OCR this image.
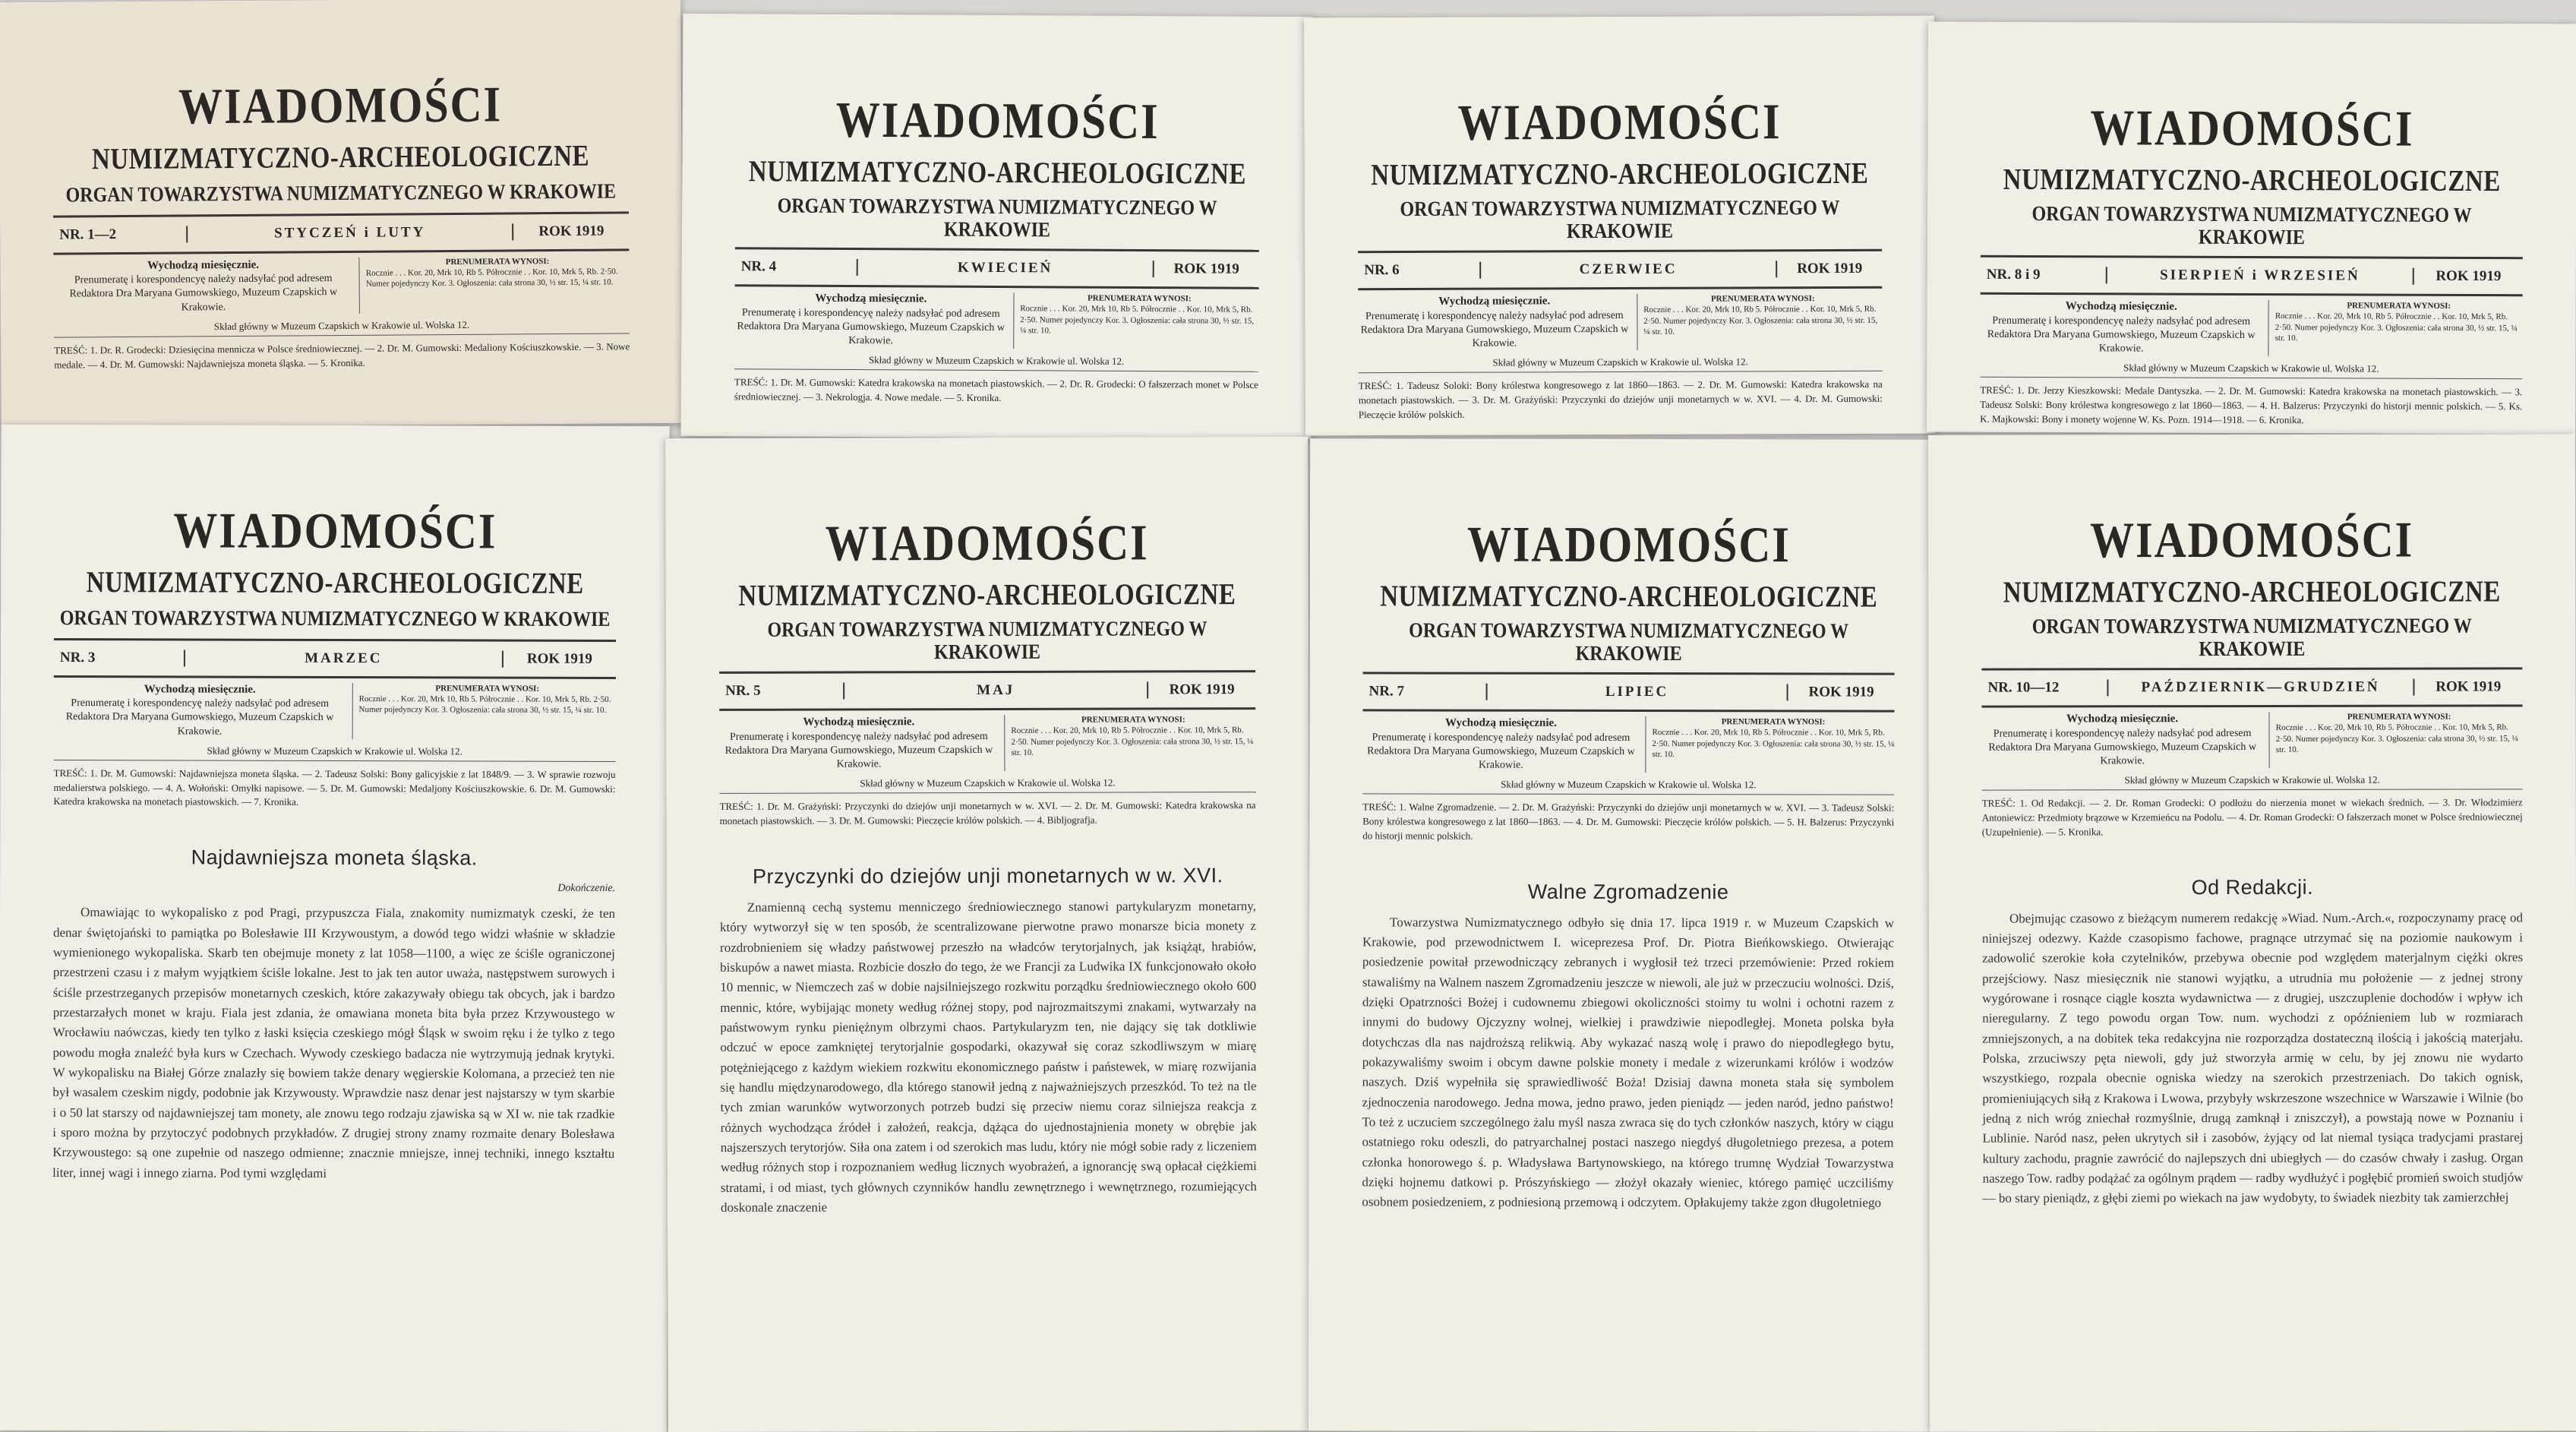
WIADOMOŚCI
NUMIZMATYCZNO-ARCHEOLOGICZNE
ORGAN TOWARZYSTWA NUMIZMATYCZNEGO W KRAKOWIE
NR. 1—2	STYCZEŃ i LUTY	ROK 1919
Wychodzą miesięcznie.
Prenumeratę i korespondencyę należy nadsyłać pod adresem Redaktora Dra Maryana Gumowskiego, Muzeum Czapskich w Krakowie.
PRENUMERATA WYNOSI:
Rocznie . . . Kor. 20, Mrk 10, Rb 5. Półrocznie . . Kor. 10, Mrk 5, Rb. 2·50. Numer pojedynczy Kor. 3. Ogłoszenia: cała strona 30, ½ str. 15, ¼ str. 10.
Skład główny w Muzeum Czapskich w Krakowie ul. Wolska 12.
TREŚĆ: 1. Dr. R. Grodecki: Dziesięcina mennicza w Polsce średniowiecznej. — 2. Dr. M. Gumowski: Medaliony Kościuszkowskie. — 3. Nowe medale. — 4. Dr. M. Gumowski: Najdawniejsza moneta śląska. — 5. Kronika.
WIADOMOŚCI
NUMIZMATYCZNO-ARCHEOLOGICZNE
ORGAN TOWARZYSTWA NUMIZMATYCZNEGO W KRAKOWIE
NR. 4	KWIECIEŃ	ROK 1919
Wychodzą miesięcznie.
Prenumeratę i korespondencyę należy nadsyłać pod adresem Redaktora Dra Maryana Gumowskiego, Muzeum Czapskich w Krakowie.
PRENUMERATA WYNOSI:
Rocznie . . . Kor. 20, Mrk 10, Rb 5. Półrocznie . . Kor. 10, Mrk 5, Rb. 2·50. Numer pojedynczy Kor. 3. Ogłoszenia: cała strona 30, ½ str. 15, ¼ str. 10.
Skład główny w Muzeum Czapskich w Krakowie ul. Wolska 12.
TREŚĆ: 1. Dr. M. Gumowski: Katedra krakowska na monetach piastowskich. — 2. Dr. R. Grodecki: O fałszerzach monet w Polsce średniowiecznej. — 3. Nekrologja. 4. Nowe medale. — 5. Kronika.
WIADOMOŚCI
NUMIZMATYCZNO-ARCHEOLOGICZNE
ORGAN TOWARZYSTWA NUMIZMATYCZNEGO W KRAKOWIE
NR. 6	CZERWIEC	ROK 1919
Wychodzą miesięcznie.
Prenumeratę i korespondencyę należy nadsyłać pod adresem Redaktora Dra Maryana Gumowskiego, Muzeum Czapskich w Krakowie.
PRENUMERATA WYNOSI:
Rocznie . . . Kor. 20, Mrk 10, Rb 5. Półrocznie . . Kor. 10, Mrk 5, Rb. 2·50. Numer pojedynczy Kor. 3. Ogłoszenia: cała strona 30, ½ str. 15, ¼ str. 10.
Skład główny w Muzeum Czapskich w Krakowie ul. Wolska 12.
TREŚĆ: 1. Tadeusz Soloki: Bony królestwa kongresowego z lat 1860—1863. — 2. Dr. M. Gumowski: Katedra krakowska na monetach piastowskich. — 3. Dr. M. Grażyński: Przyczynki do dziejów unji monetarnych w w. XVI. — 4. Dr. M. Gumowski: Pieczęcie królów polskich.
WIADOMOŚCI
NUMIZMATYCZNO-ARCHEOLOGICZNE
ORGAN TOWARZYSTWA NUMIZMATYCZNEGO W KRAKOWIE
NR. 8 i 9	SIERPIEŃ i WRZESIEŃ	ROK 1919
Wychodzą miesięcznie.
Prenumeratę i korespondencyę należy nadsyłać pod adresem Redaktora Dra Maryana Gumowskiego, Muzeum Czapskich w Krakowie.
PRENUMERATA WYNOSI:
Rocznie . . . Kor. 20, Mrk 10, Rb 5. Półrocznie . . Kor. 10, Mrk 5, Rb. 2·50. Numer pojedynczy Kor. 3. Ogłoszenia: cała strona 30, ½ str. 15, ¼ str. 10.
Skład główny w Muzeum Czapskich w Krakowie ul. Wolska 12.
TREŚĆ: 1. Dr. Jerzy Kieszkowski: Medale Dantyszka. — 2. Dr. M. Gumowski: Katedra krakowska na monetach piastowskich. — 3. Tadeusz Solski: Bony królestwa kongresowego z lat 1860—1863. — 4. H. Balzerus: Przyczynki do historji mennic polskich. — 5. Ks. K. Majkowski: Bony i monety wojenne W. Ks. Pozn. 1914—1918. — 6. Kronika.
WIADOMOŚCI
NUMIZMATYCZNO-ARCHEOLOGICZNE
ORGAN TOWARZYSTWA NUMIZMATYCZNEGO W KRAKOWIE
NR. 3	MARZEC	ROK 1919
Wychodzą miesięcznie.
Prenumeratę i korespondencyę należy nadsyłać pod adresem Redaktora Dra Maryana Gumowskiego, Muzeum Czapskich w Krakowie.
PRENUMERATA WYNOSI:
Rocznie . . . Kor. 20, Mrk 10, Rb 5. Półrocznie . . Kor. 10, Mrk 5, Rb. 2·50. Numer pojedynczy Kor. 3. Ogłoszenia: cała strona 30, ½ str. 15, ¼ str. 10.
Skład główny w Muzeum Czapskich w Krakowie ul. Wolska 12.
TREŚĆ: 1. Dr. M. Gumowski: Najdawniejsza moneta śląska. — 2. Tadeusz Solski: Bony galicyjskie z lat 1848/9. — 3. W sprawie rozwoju medalierstwa polskiego. — 4. A. Wołoński: Omyłki napisowe. — 5. Dr. M. Gumowski: Medaljony Kościuszkowskie. 6. Dr. M. Gumowski: Katedra krakowska na monetach piastowskich. — 7. Kronika.
Najdawniejsza moneta śląska.
Dokończenie.
Omawiając to wykopalisko z pod Pragi, przypuszcza Fiala, znakomity numizmatyk czeski, że ten denar świętojański to pamiątka po Bolesławie III Krzywoustym, a dowód tego widzi właśnie w składzie wymienionego wykopaliska. Skarb ten obejmuje monety z lat 1058—1100, a więc ze ściśle ograniczonej przestrzeni czasu i z małym wyjątkiem ściśle lokalne. Jest to jak ten autor uważa, następstwem surowych i ściśle przestrzeganych przepisów monetarnych czeskich, które zakazywały obiegu tak obcych, jak i bardzo przestarzałych monet w kraju. Fiala jest zdania, że omawiana moneta bita była przez Krzywoustego w Wrocławiu naówczas, kiedy ten tylko z łaski księcia czeskiego mógł Śląsk w swoim ręku i że tylko z tego powodu mogła znaleźć była kurs w Czechach. Wywody czeskiego badacza nie wytrzymują jednak krytyki. W wykopalisku na Białej Górze znalazły się bowiem także denary węgierskie Kolomana, a przecież ten nie był wasalem czeskim nigdy, podobnie jak Krzywousty. Wprawdzie nasz denar jest najstarszy w tym skarbie i o 50 lat starszy od najdawniejszej tam monety, ale znowu tego rodzaju zjawiska są w XI w. nie tak rzadkie i sporo można by przytoczyć podobnych przykładów. Z drugiej strony znamy rozmaite denary Bolesława Krzywoustego: są one zupełnie od naszego odmienne; znacznie mniejsze, innej techniki, innego kształtu liter, innej wagi i innego ziarna. Pod tymi względami
WIADOMOŚCI
NUMIZMATYCZNO-ARCHEOLOGICZNE
ORGAN TOWARZYSTWA NUMIZMATYCZNEGO W KRAKOWIE
NR. 5	MAJ	ROK 1919
Wychodzą miesięcznie.
Prenumeratę i korespondencyę należy nadsyłać pod adresem Redaktora Dra Maryana Gumowskiego, Muzeum Czapskich w Krakowie.
PRENUMERATA WYNOSI:
Rocznie . . . Kor. 20, Mrk 10, Rb 5. Półrocznie . . Kor. 10, Mrk 5, Rb. 2·50. Numer pojedynczy Kor. 3. Ogłoszenia: cała strona 30, ½ str. 15, ¼ str. 10.
Skład główny w Muzeum Czapskich w Krakowie ul. Wolska 12.
TREŚĆ: 1. Dr. M. Grażyński: Przyczynki do dziejów unji monetarnych w w. XVI. — 2. Dr. M. Gumowski: Katedra krakowska na monetach piastowskich. — 3. Dr. M. Gumowski: Pieczęcie królów polskich. — 4. Bibljografja.
Przyczynki do dziejów unji monetarnych w w. XVI.
Znamienną cechą systemu menniczego średniowiecznego stanowi partykularyzm monetarny, który wytworzył się w ten sposób, że scentralizowane pierwotne prawo monarsze bicia monety z rozdrobnieniem się władzy państwowej przeszło na władców terytorjalnych, jak książąt, hrabiów, biskupów a nawet miasta. Rozbicie doszło do tego, że we Francji za Ludwika IX funkcjonowało około 10 mennic, w Niemczech zaś w dobie najsilniejszego rozkwitu porządku średniowiecznego około 600 mennic, które, wybijając monety według różnej stopy, pod najrozmaitszymi znakami, wytwarzały na państwowym rynku pieniężnym olbrzymi chaos. Partykularyzm ten, nie dający się tak dotkliwie odczuć w epoce zamkniętej terytorjalnie gospodarki, okazywał się coraz szkodliwszym w miarę potężniejącego z każdym wiekiem rozkwitu ekonomicznego państw i państewek, w miarę rozwijania się handlu międzynarodowego, dla którego stanowił jedną z najważniejszych przeszkód. To też na tle tych zmian warunków wytworzonych potrzeb budzi się przeciw niemu coraz silniejsza reakcja z różnych wychodząca źródeł i założeń, reakcja, dążąca do ujednostajnienia monety w obrębie jak najszerszych terytorjów. Siła ona zatem i od szerokich mas ludu, który nie mógł sobie rady z liczeniem według różnych stop i rozpoznaniem według licznych wyobrażeń, a ignorancję swą opłacał ciężkiemi stratami, i od miast, tych głównych czynników handlu zewnętrznego i wewnętrznego, rozumiejących doskonale znaczenie
WIADOMOŚCI
NUMIZMATYCZNO-ARCHEOLOGICZNE
ORGAN TOWARZYSTWA NUMIZMATYCZNEGO W KRAKOWIE
NR. 7	LIPIEC	ROK 1919
Wychodzą miesięcznie.
Prenumeratę i korespondencyę należy nadsyłać pod adresem Redaktora Dra Maryana Gumowskiego, Muzeum Czapskich w Krakowie.
PRENUMERATA WYNOSI:
Rocznie . . . Kor. 20, Mrk 10, Rb 5. Półrocznie . . Kor. 10, Mrk 5, Rb. 2·50. Numer pojedynczy Kor. 3. Ogłoszenia: cała strona 30, ½ str. 15, ¼ str. 10.
Skład główny w Muzeum Czapskich w Krakowie ul. Wolska 12.
TREŚĆ: 1. Walne Zgromadzenie. — 2. Dr. M. Grażyński: Przyczynki do dziejów unji monetarnych w w. XVI. — 3. Tadeusz Solski: Bony królestwa kongresowego z lat 1860—1863. — 4. Dr. M. Gumowski: Pieczęcie królów polskich. — 5. H. Balzerus: Przyczynki do historji mennic polskich.
Walne Zgromadzenie
Towarzystwa Numizmatycznego odbyło się dnia 17. lipca 1919 r. w Muzeum Czapskich w Krakowie, pod przewodnictwem I. wiceprezesa Prof. Dr. Piotra Bieńkowskiego. Otwierając posiedzenie powitał przewodniczący zebranych i wygłosił też trzeci przemówienie: Przed rokiem stawaliśmy na Walnem naszem Zgromadzeniu jeszcze w niewoli, ale już w przeczuciu wolności. Dziś, dzięki Opatrzności Bożej i cudownemu zbiegowi okoliczności stoimy tu wolni i ochotni razem z innymi do budowy Ojczyzny wolnej, wielkiej i prawdziwie niepodległej. Moneta polska była dotychczas dla nas najdroższą relikwią. Aby wykazać naszą wolę i prawo do niepodległego bytu, pokazywaliśmy swoim i obcym dawne polskie monety i medale z wizerunkami królów i wodzów naszych. Dziś wypełniła się sprawiedliwość Boża! Dzisiaj dawna moneta stała się symbolem zjednoczenia narodowego. Jedna mowa, jedno prawo, jeden pieniądz — jeden naród, jedno państwo! To też z uczuciem szczególnego żalu myśl nasza zwraca się do tych członków naszych, który w ciągu ostatniego roku odeszli, do patryarchalnej postaci naszego niegdyś długoletniego prezesa, a potem członka honorowego ś. p. Władysława Bartynowskiego, na którego trumnę Wydział Towarzystwa dzięki hojnemu datkowi p. Prószyńskiego — złożył okazały wieniec, którego pamięć uczciliśmy osobnem posiedzeniem, z podniesioną przemową i odczytem. Opłakujemy także zgon długoletniego
WIADOMOŚCI
NUMIZMATYCZNO-ARCHEOLOGICZNE
ORGAN TOWARZYSTWA NUMIZMATYCZNEGO W KRAKOWIE
NR. 10—12	PAŹDZIERNIK—GRUDZIEŃ	ROK 1919
Wychodzą miesięcznie.
Prenumeratę i korespondencyę należy nadsyłać pod adresem Redaktora Dra Maryana Gumowskiego, Muzeum Czapskich w Krakowie.
PRENUMERATA WYNOSI:
Rocznie . . . Kor. 20, Mrk 10, Rb 5. Półrocznie . . Kor. 10, Mrk 5, Rb. 2·50. Numer pojedynczy Kor. 3. Ogłoszenia: cała strona 30, ½ str. 15, ¼ str. 10.
Skład główny w Muzeum Czapskich w Krakowie ul. Wolska 12.
TREŚĆ: 1. Od Redakcji. — 2. Dr. Roman Grodecki: O podłożu do nierzenia monet w wiekach średnich. — 3. Dr. Włodzimierz Antoniewicz: Przedmioty brązowe w Krzemieńcu na Podolu. — 4. Dr. Roman Grodecki: O fałszerzach monet w Polsce średniowiecznej (Uzupełnienie). — 5. Kronika.
Od Redakcji.
Obejmując czasowo z bieżącym numerem redakcję »Wiad. Num.-Arch.«, rozpoczynamy pracę od niniejszej odezwy. Każde czasopismo fachowe, pragnące utrzymać się na poziomie naukowym i zadowolić szerokie koła czytelników, przebywa obecnie pod względem materjalnym ciężki okres przejściowy. Nasz miesięcznik nie stanowi wyjątku, a utrudnia mu położenie — z jednej strony wygórowane i rosnące ciągle koszta wydawnictwa — z drugiej, uszczuplenie dochodów i wpływ ich nieregularny. Z tego powodu organ Tow. num. wychodzi z opóźnieniem lub w rozmiarach zmniejszonych, a na dobitek teka redakcyjna nie rozporządza dostateczną ilością i jakością materjału. Polska, zrzuciwszy pęta niewoli, gdy już stworzyła armię w celu, by jej znowu nie wydarto wszystkiego, rozpala obecnie ogniska wiedzy na szerokich przestrzeniach. Do takich ognisk, promieniujących siłą z Krakowa i Lwowa, przybyły wskrzeszone wszechnice w Warszawie i Wilnie (bo jedną z nich wróg zniechał rozmyślnie, drugą zamknął i zniszczył), a powstają nowe w Poznaniu i Lublinie. Naród nasz, pełen ukrytych sił i zasobów, żyjący od lat niemal tysiąca tradycjami prastarej kultury zachodu, pragnie zawrócić do najlepszych dni ubiegłych — do czasów chwały i zasług. Organ naszego Tow. radby podążać za ogólnym prądem — radby wydłużyć i pogłębić promień swoich studjów — bo stary pieniądz, z głębi ziemi po wiekach na jaw wydobyty, to świadek niezbity tak zamierzchłej
